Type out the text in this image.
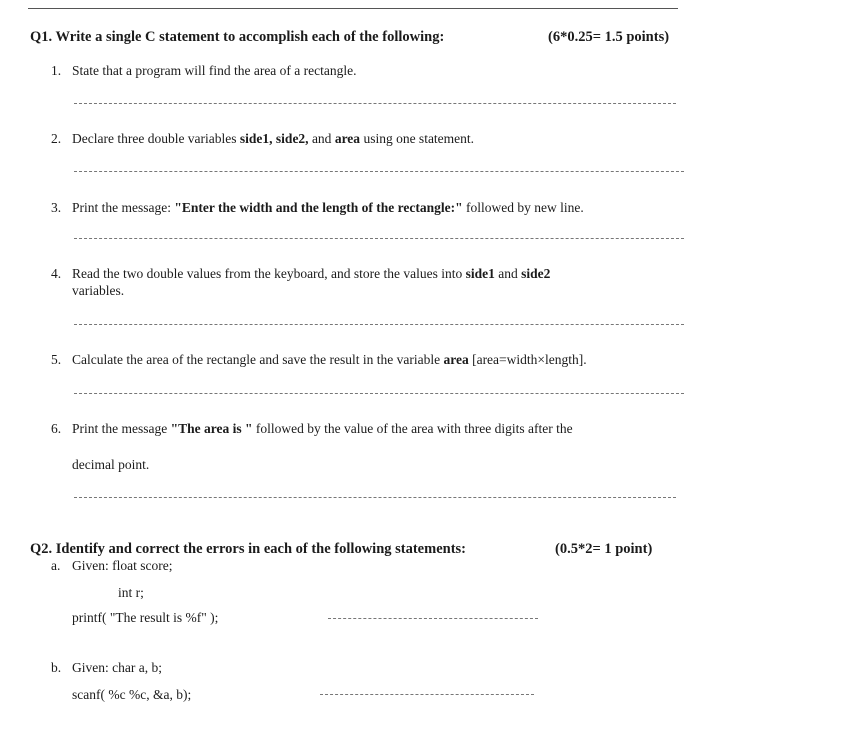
Q1. Write a single C statement to accomplish each of the following:	(6*0.25= 1.5 points)
1. State that a program will find the area of a rectangle.
2. Declare three double variables side1, side2, and area using one statement.
3. Print the message: "Enter the width and the length of the rectangle:" followed by new line.
4. Read the two double values from the keyboard, and store the values into side1 and side2
variables.
5. Calculate the area of the rectangle and save the result in the variable area [area=width×length].
6. Print the message "The area is " followed by the value of the area with three digits after the
decimal point.
Q2. Identify and correct the errors in each of the following statements:	(0.5*2= 1 point)
a. Given: float score;
int r;
printf( "The result is %f" );
b. Given: char a, b;
scanf( %c %c, &a, b);
